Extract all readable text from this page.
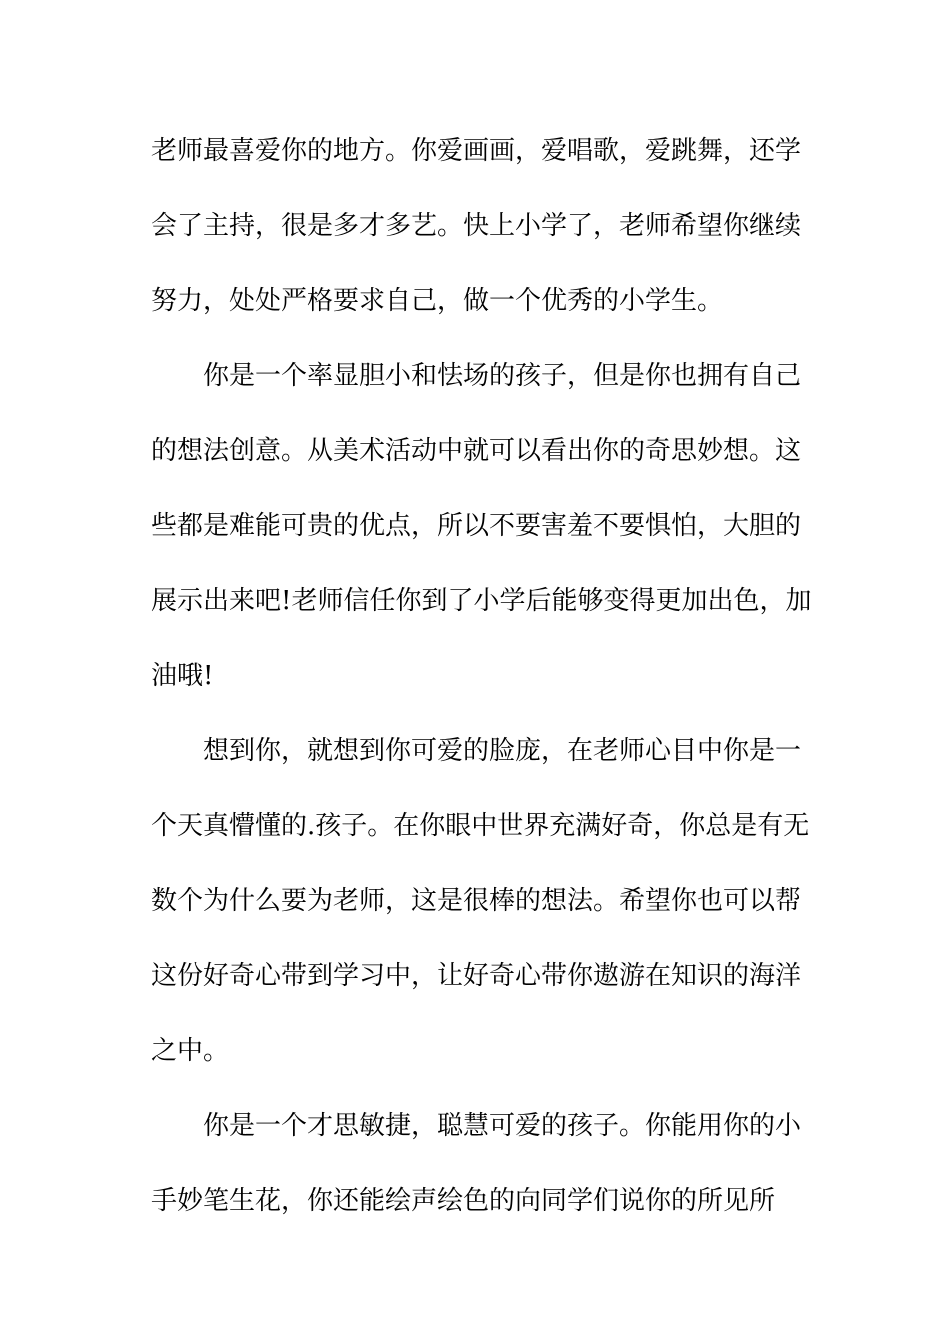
老师最喜爱你的地方。你爱画画，爱唱歌，爱跳舞，还学
会了主持，很是多才多艺。快上小学了，老师希望你继续
努力，处处严格要求自己，做一个优秀的小学生。
你是一个率显胆小和怯场的孩子，但是你也拥有自己
的想法创意。从美术活动中就可以看出你的奇思妙想。这
些都是难能可贵的优点，所以不要害羞不要惧怕，大胆的
展示出来吧!老师信任你到了小学后能够变得更加出色，加
油哦!
想到你，就想到你可爱的脸庞，在老师心目中你是一
个天真懵懂的.孩子。在你眼中世界充满好奇，你总是有无
数个为什么要为老师，这是很棒的想法。希望你也可以帮
这份好奇心带到学习中，让好奇心带你遨游在知识的海洋
之中。
你是一个才思敏捷，聪慧可爱的孩子。你能用你的小
手妙笔生花，你还能绘声绘色的向同学们说你的所见所
